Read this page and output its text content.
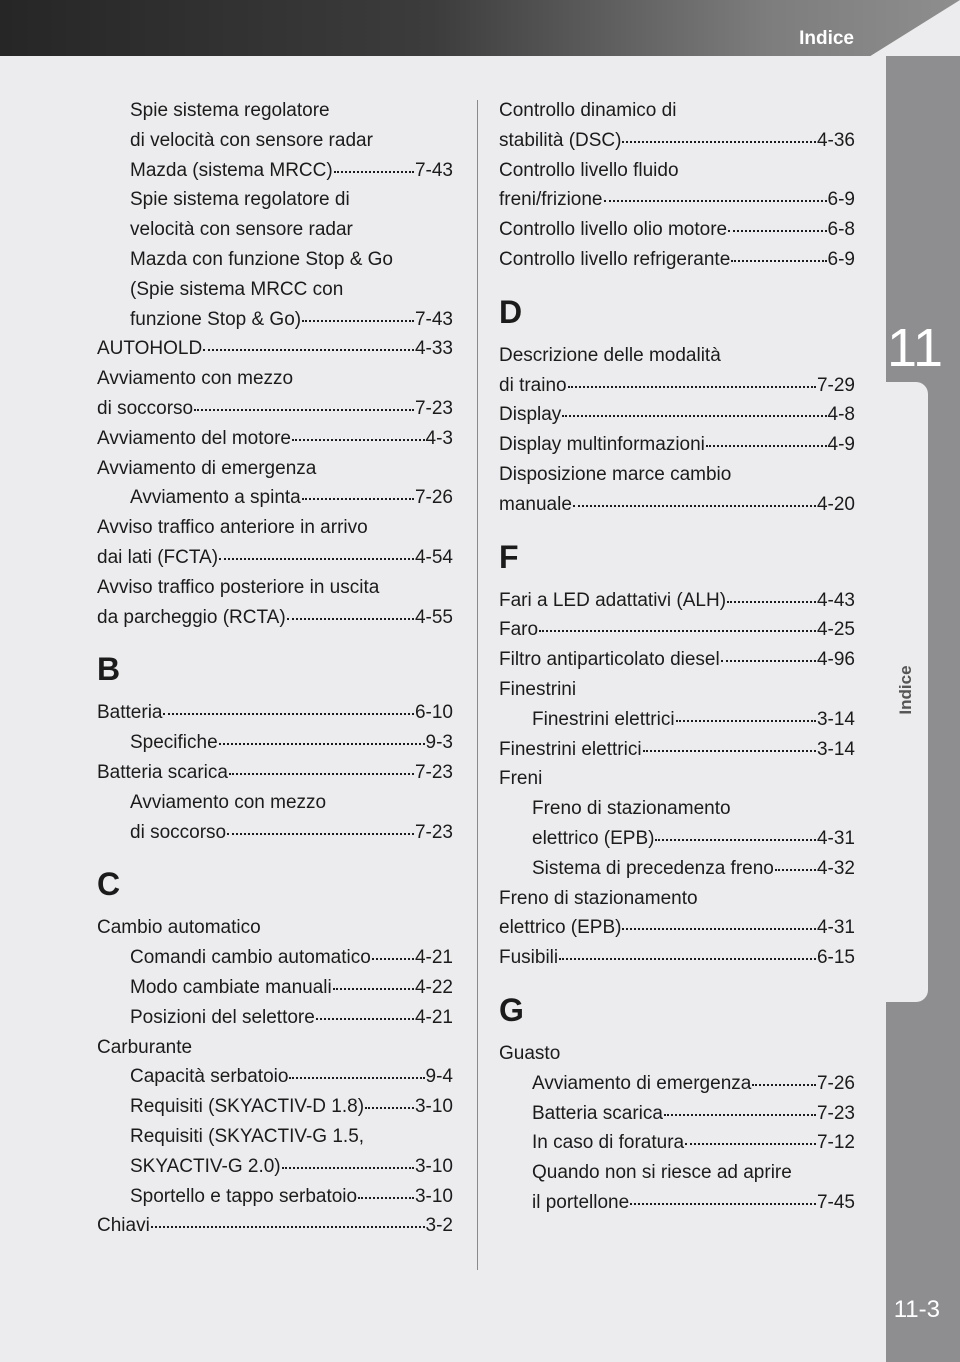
Indice
11
Indice
11-3
Spie sistema regolatore
di velocità con sensore radar
Mazda (sistema MRCC)	7-43
Spie sistema regolatore di
velocità con sensore radar
Mazda con funzione Stop & Go
(Spie sistema MRCC con
funzione Stop & Go)	7-43
AUTOHOLD	4-33
Avviamento con mezzo
di soccorso	7-23
Avviamento del motore	4-3
Avviamento di emergenza
Avviamento a spinta	7-26
Avviso traffico anteriore in arrivo
dai lati (FCTA)	4-54
Avviso traffico posteriore in uscita
da parcheggio (RCTA)	4-55
B
Batteria	6-10
Specifiche	9-3
Batteria scarica	7-23
Avviamento con mezzo
di soccorso	7-23
C
Cambio automatico
Comandi cambio automatico 4-21
Modo cambiate manuali	4-22
Posizioni del selettore	4-21
Carburante
Capacità serbatoio	9-4
Requisiti (SKYACTIV-D 1.8)	3-10
Requisiti (SKYACTIV-G 1.5,
SKYACTIV-G 2.0)	3-10
Sportello e tappo serbatoio	3-10
Chiavi	3-2
Controllo dinamico di
stabilità (DSC)	4-36
Controllo livello fluido
freni/frizione	6-9
Controllo livello olio motore	6-8
Controllo livello refrigerante	6-9
D
Descrizione delle modalità
di traino	7-29
Display	4-8
Display multinformazioni	4-9
Disposizione marce cambio
manuale	4-20
F
Fari a LED adattativi (ALH)	4-43
Faro	4-25
Filtro antiparticolato diesel	4-96
Finestrini
Finestrini elettrici	3-14
Finestrini elettrici	3-14
Freni
Freno di stazionamento
elettrico (EPB)	4-31
Sistema di precedenza freno 4-32
Freno di stazionamento
elettrico (EPB)	4-31
Fusibili	6-15
G
Guasto
Avviamento di emergenza	7-26
Batteria scarica	7-23
In caso di foratura	7-12
Quando non si riesce ad aprire
il portellone	7-45
